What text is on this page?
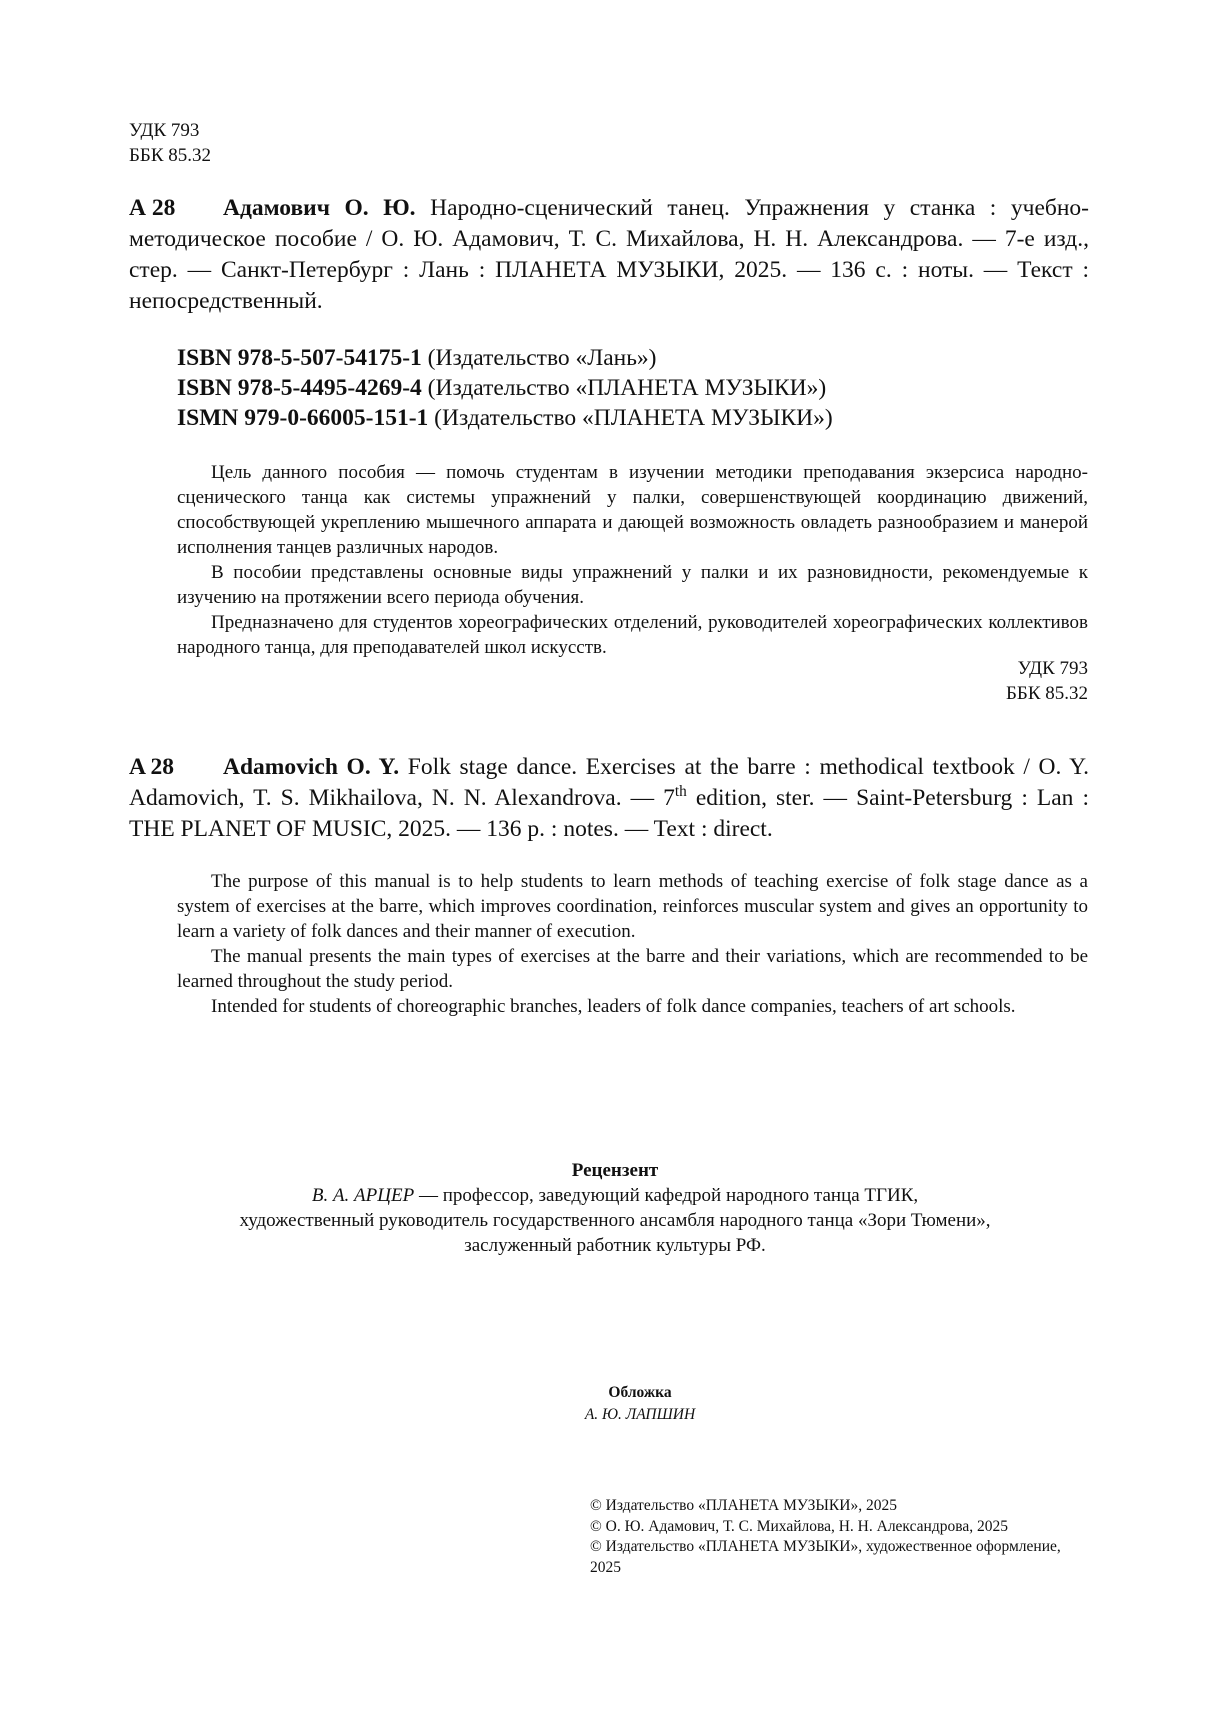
УДК 793
ББК 85.32
А 28	Адамович О. Ю. Народно-сценический танец. Упражнения у станка : учебно-методическое пособие / О. Ю. Адамович, Т. С. Михайлова, Н. Н. Александрова. — 7-е изд., стер. — Санкт-Петербург : Лань : ПЛАНЕТА МУЗЫКИ, 2025. — 136 с. : ноты. — Текст : непосредственный.
ISBN 978-5-507-54175-1 (Издательство «Лань»)
ISBN 978-5-4495-4269-4 (Издательство «ПЛАНЕТА МУЗЫКИ»)
ISMN 979-0-66005-151-1 (Издательство «ПЛАНЕТА МУЗЫКИ»)

Цель данного пособия — помочь студентам в изучении методики преподавания экзерсиса народно-сценического танца как системы упражнений у палки, совершенствующей координацию движений, способствующей укреплению мышечного аппарата и дающей возможность овладеть разнообразием и манерой исполнения танцев различных народов.

В пособии представлены основные виды упражнений у палки и их разновидности, рекомендуемые к изучению на протяжении всего периода обучения.

Предназначено для студентов хореографических отделений, руководителей хореографических коллективов народного танца, для преподавателей школ искусств.

УДК 793
ББК 85.32
A 28	Adamovich O. Y. Folk stage dance. Exercises at the barre : methodical textbook / O. Y. Adamovich, T. S. Mikhailova, N. N. Alexandrova. — 7th edition, ster. — Saint-Petersburg : Lan : THE PLANET OF MUSIC, 2025. — 136 p. : notes. — Text : direct.

The purpose of this manual is to help students to learn methods of teaching exercise of folk stage dance as a system of exercises at the barre, which improves coordination, reinforces muscular system and gives an opportunity to learn a variety of folk dances and their manner of execution.

The manual presents the main types of exercises at the barre and their variations, which are recommended to be learned throughout the study period.

Intended for students of choreographic branches, leaders of folk dance companies, teachers of art schools.

Рецензент
В. А. АРЦЕР — профессор, заведующий кафедрой народного танца ТГИК,
художественный руководитель государственного ансамбля народного танца «Зори Тюмени»,
заслуженный работник культуры РФ.
Обложка
А. Ю. ЛАПШИН
© Издательство «ПЛАНЕТА МУЗЫКИ», 2025
© О. Ю. Адамович, Т. С. Михайлова, Н. Н. Александрова, 2025
© Издательство «ПЛАНЕТА МУЗЫКИ», художественное оформление, 2025
